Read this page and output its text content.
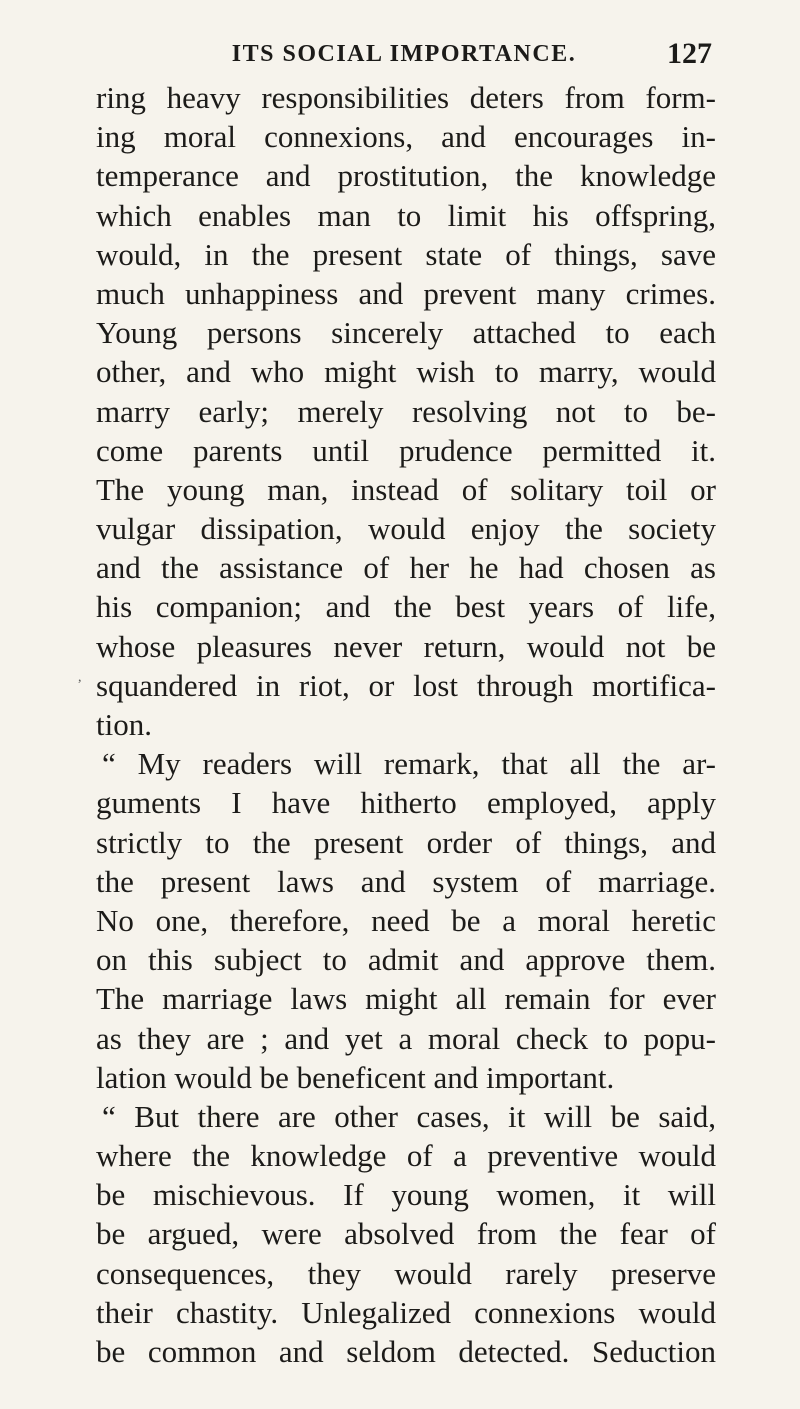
ITS SOCIAL IMPORTANCE.	127
,
ring heavy responsibilities deters from form-
ing moral connexions, and encourages in-
temperance and prostitution, the knowledge
which enables man to limit his offspring,
would, in the present state of things, save
much unhappiness and prevent many crimes.
Young persons sincerely attached to each
other, and who might wish to marry, would
marry early; merely resolving not to be-
come parents until prudence permitted it.
The young man, instead of solitary toil or
vulgar dissipation, would enjoy the society
and the assistance of her he had chosen as
his companion; and the best years of life,
whose pleasures never return, would not be
squandered in riot, or lost through mortifica-
tion.
“ My readers will remark, that all the ar-
guments I have hitherto employed, apply
strictly to the present order of things, and
the present laws and system of marriage.
No one, therefore, need be a moral heretic
on this subject to admit and approve them.
The marriage laws might all remain for ever
as they are ; and yet a moral check to popu-
lation would be beneficent and important.
“ But there are other cases, it will be said,
where the knowledge of a preventive would
be mischievous. If young women, it will
be argued, were absolved from the fear of
consequences, they would rarely preserve
their chastity. Unlegalized connexions would
be common and seldom detected. Seduction
